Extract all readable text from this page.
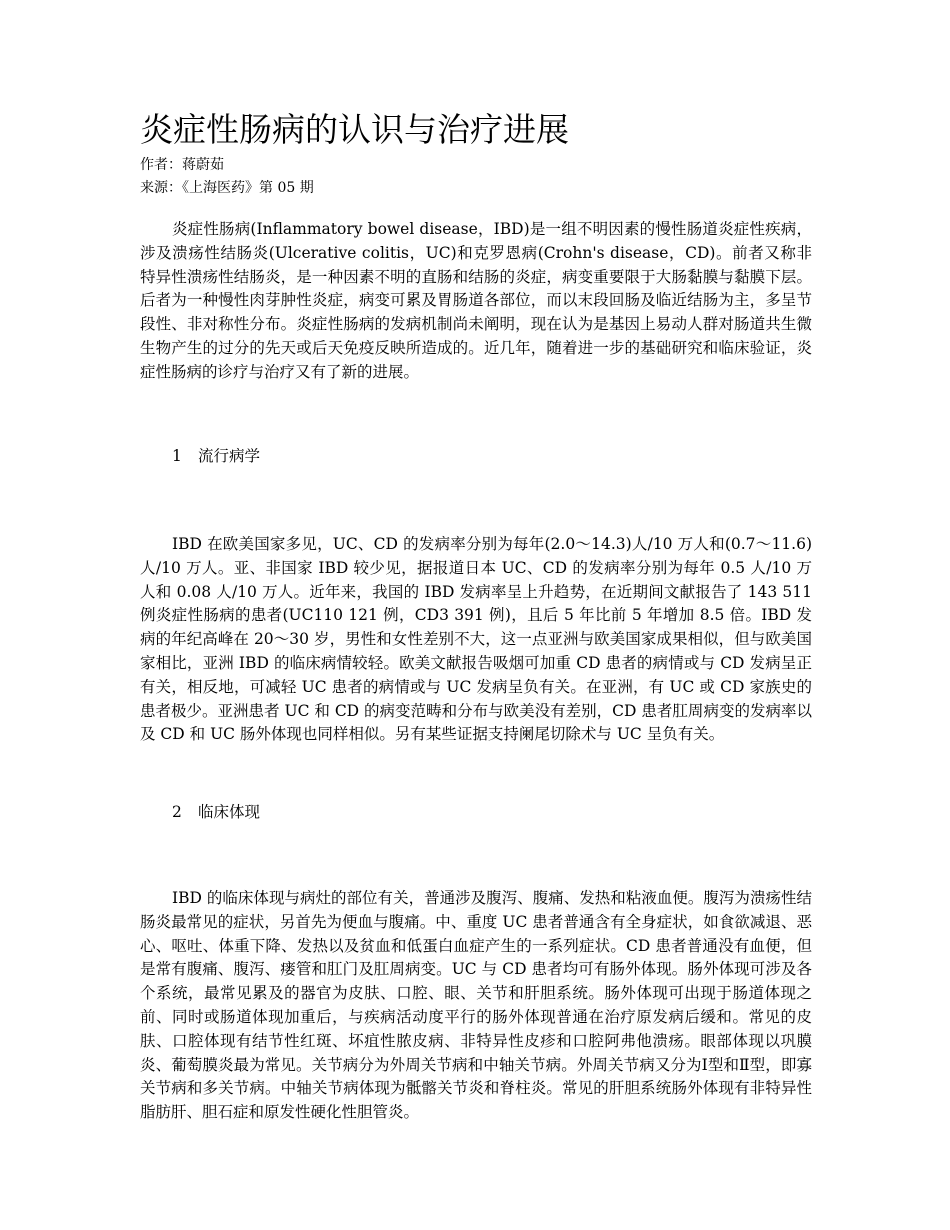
炎症性肠病的认识与治疗进展
作者：蒋蔚茹
来源：《上海医药》第 05 期

炎症性肠病(Inflammatory bowel disease，IBD)是一组不明因素的慢性肠道炎症性疾病，涉及溃疡性结肠炎(Ulcerative colitis，UC)和克罗恩病(Crohn's disease，CD)。前者又称非特异性溃疡性结肠炎，是一种因素不明的直肠和结肠的炎症，病变重要限于大肠黏膜与黏膜下层。后者为一种慢性肉芽肿性炎症，病变可累及胃肠道各部位，而以末段回肠及临近结肠为主，多呈节段性、非对称性分布。炎症性肠病的发病机制尚未阐明，现在认为是基因上易动人群对肠道共生微生物产生的过分的先天或后天免疫反映所造成的。近几年，随着进一步的基础研究和临床验证，炎症性肠病的诊疗与治疗又有了新的进展。

1 流行病学

IBD 在欧美国家多见，UC、CD 的发病率分别为每年(2.0～14.3)人/10 万人和(0.7～11.6)人/10 万人。亚、非国家 IBD 较少见，据报道日本 UC、CD 的发病率分别为每年 0.5 人/10 万人和 0.08 人/10 万人。近年来，我国的 IBD 发病率呈上升趋势，在近期间文献报告了 143 511 例炎症性肠病的患者(UC110 121 例，CD3 391 例)，且后 5 年比前 5 年增加 8.5 倍。IBD 发病的年纪高峰在 20～30 岁，男性和女性差别不大，这一点亚洲与欧美国家成果相似，但与欧美国家相比，亚洲 IBD 的临床病情较轻。欧美文献报告吸烟可加重 CD 患者的病情或与 CD 发病呈正有关，相反地，可减轻 UC 患者的病情或与 UC 发病呈负有关。在亚洲，有 UC 或 CD 家族史的患者极少。亚洲患者 UC 和 CD 的病变范畴和分布与欧美没有差别，CD 患者肛周病变的发病率以及 CD 和 UC 肠外体现也同样相似。另有某些证据支持阑尾切除术与 UC 呈负有关。

2 临床体现

IBD 的临床体现与病灶的部位有关，普通涉及腹泻、腹痛、发热和粘液血便。腹泻为溃疡性结肠炎最常见的症状，另首先为便血与腹痛。中、重度 UC 患者普通含有全身症状，如食欲减退、恶心、呕吐、体重下降、发热以及贫血和低蛋白血症产生的一系列症状。CD 患者普通没有血便，但是常有腹痛、腹泻、瘘管和肛门及肛周病变。UC 与 CD 患者均可有肠外体现。肠外体现可涉及各个系统，最常见累及的器官为皮肤、口腔、眼、关节和肝胆系统。肠外体现可出现于肠道体现之前、同时或肠道体现加重后，与疾病活动度平行的肠外体现普通在治疗原发病后缓和。常见的皮肤、口腔体现有结节性红斑、坏疽性脓皮病、非特异性皮疹和口腔阿弗他溃疡。眼部体现以巩膜炎、葡萄膜炎最为常见。关节病分为外周关节病和中轴关节病。外周关节病又分为Ⅰ型和Ⅱ型，即寡关节病和多关节病。中轴关节病体现为骶髂关节炎和脊柱炎。常见的肝胆系统肠外体现有非特异性脂肪肝、胆石症和原发性硬化性胆管炎。
